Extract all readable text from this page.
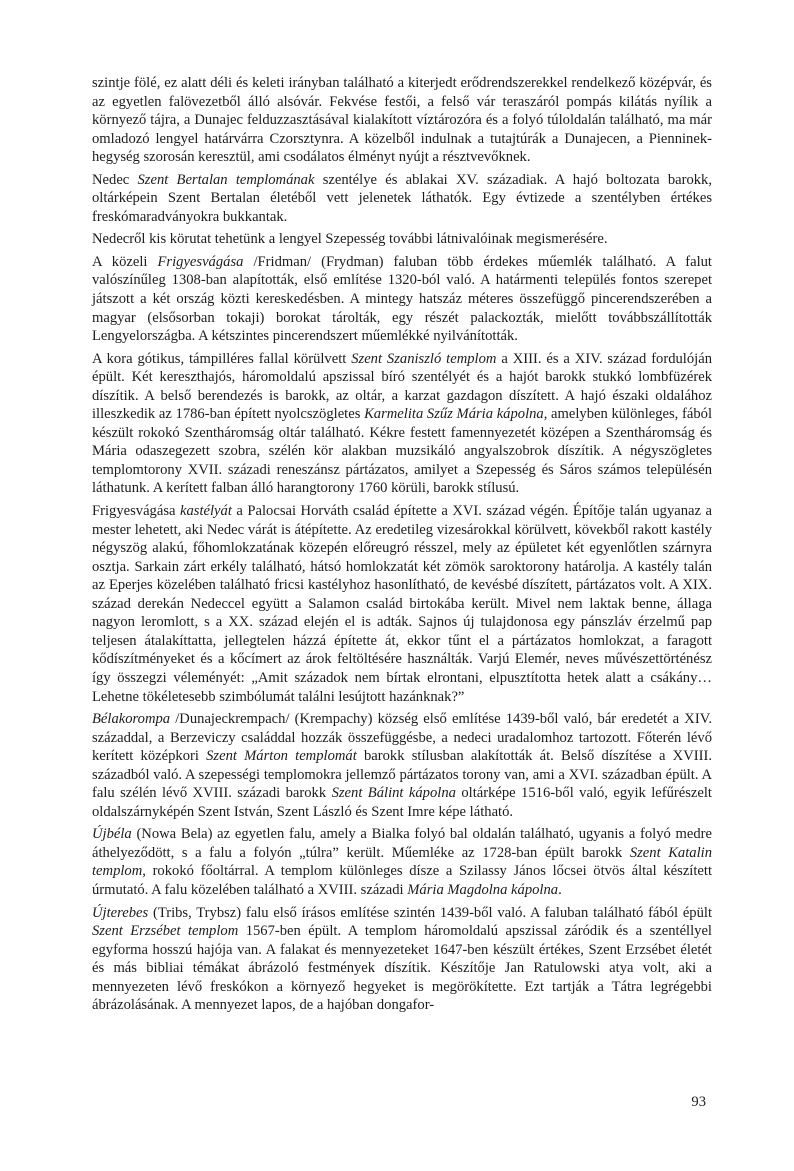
szintje fölé, ez alatt déli és keleti irányban található a kiterjedt erődrendszerekkel rendelkező középvár, és az egyetlen falövezetből álló alsóvár. Fekvése festői, a felső vár teraszáról pompás kilátás nyílik a környező tájra, a Dunajec felduzzasztásával kialakított víztározóra és a folyó túloldalán található, ma már omladozó lengyel határvárra Czorsztynra. A közelből indulnak a tutajtúrák a Dunajecen, a Pienninek-hegység szorosán keresztül, ami csodálatos élményt nyújt a résztvevőknek.

Nedec Szent Bertalan templomának szentélye és ablakai XV. századiak. A hajó boltozata barokk, oltárképein Szent Bertalan életéből vett jelenetek láthatók. Egy évtizede a szentélyben értékes freskómaradványokra bukkantak.

Nedecről kis körutat tehetünk a lengyel Szepesség további látnivalóinak megismerésére.

A közeli Frigyesvágása /Fridman/ (Frydman) faluban több érdekes műemlék található. A falut valószínűleg 1308-ban alapították, első említése 1320-ból való. A határmenti település fontos szerepet játszott a két ország közti kereskedésben. A mintegy hatszáz méteres összefüggő pincerendszerében a magyar (elsősorban tokaji) borokat tárolták, egy részét palackozták, mielőtt továbbszállították Lengyelországba. A kétszintes pincerendszert műemlékké nyilvánították.

A kora gótikus, támpilléres fallal körülvett Szent Szaniszló templom a XIII. és a XIV. század fordulóján épült. Két kereszthajós, háromoldalú apszissal bíró szentélyét és a hajót barokk stukkó lombfüzérek díszítik. A belső berendezés is barokk, az oltár, a karzat gazdagon díszített. A hajó északi oldalához illeszkedik az 1786-ban épített nyolcszögletes Karmelita Szűz Mária kápolna, amelyben különleges, fából készült rokokó Szentháromság oltár található. Kékre festett famennyezetét középen a Szentháromság és Mária odaszegezett szobra, szélén kör alakban muzsikáló angyalszobrok díszítik. A négyszögletes templomtorony XVII. századi reneszánsz pártázatos, amilyet a Szepesség és Sáros számos településén láthatunk. A kerített falban álló harangtorony 1760 körüli, barokk stílusú.

Frigyesvágása kastélyát a Palocsai Horváth család építette a XVI. század végén. Építője talán ugyanaz a mester lehetett, aki Nedec várát is átépítette. Az eredetileg vizesárokkal körülvett, kövekből rakott kastély négyszög alakú, főhomlokzatának közepén előreugró résszel, mely az épületet két egyenlőtlen szárnyra osztja. Sarkain zárt erkély található, hátsó homlokzatát két zömök saroktorony határolja. A kastély talán az Eperjes közelében található fricsi kastélyhoz hasonlítható, de kevésbé díszített, pártázatos volt. A XIX. század derekán Nedeccel együtt a Salamon család birtokába került. Mivel nem laktak benne, állaga nagyon leromlott, s a XX. század elején el is adták. Sajnos új tulajdonosa egy pánszláv érzelmű pap teljesen átalakíttatta, jellegtelen házzá építette át, ekkor tűnt el a pártázatos homlokzat, a faragott kődíszítményeket és a kőcímert az árok feltöltésére használták. Varjú Elemér, neves művészettörténész így összegzi véleményét: „Amit századok nem bírtak elrontani, elpusztította hetek alatt a csákány…Lehetne tökéletesebb szimbólumát találni lesújtott hazánknak?”

Bélakorompa /Dunajeckrempach/ (Krempachy) község első említése 1439-ből való, bár eredetét a XIV. századdal, a Berzeviczy családdal hozzák összefüggésbe, a nedeci uradalomhoz tartozott. Főterén lévő kerített középkori Szent Márton templomát barokk stílusban alakították át. Belső díszítése a XVIII. századból való. A szepességi templomokra jellemző pártázatos torony van, ami a XVI. században épült. A falu szélén lévő XVIII. századi barokk Szent Bálint kápolna oltárképe 1516-ből való, egyik lefűrészelt oldalszárnyképén Szent István, Szent László és Szent Imre képe látható.

Újbéla (Nowa Bela) az egyetlen falu, amely a Bialka folyó bal oldalán található, ugyanis a folyó medre áthelyeződött, s a falu a folyón „túlra” került. Műemléke az 1728-ban épült barokk Szent Katalin templom, rokokó főoltárral. A templom különleges dísze a Szilassy János lőcsei ötvös által készített úrmutató. A falu közelében található a XVIII. századi Mária Magdolna kápolna.

Újterebes (Tribs, Trybsz) falu első írásos említése szintén 1439-ből való. A faluban található fából épült Szent Erzsébet templom 1567-ben épült. A templom háromoldalú apszissal záródik és a szentéllyel egyforma hosszú hajója van. A falakat és mennyezeteket 1647-ben készült értékes, Szent Erzsébet életét és más bibliai témákat ábrázoló festmények díszítik. Készítője Jan Ratulowski atya volt, aki a mennyezeten lévő freskókon a környező hegyeket is megörökítette. Ezt tartják a Tátra legrégebbi ábrázolásának. A mennyezet lapos, de a hajóban dongafor-

93
